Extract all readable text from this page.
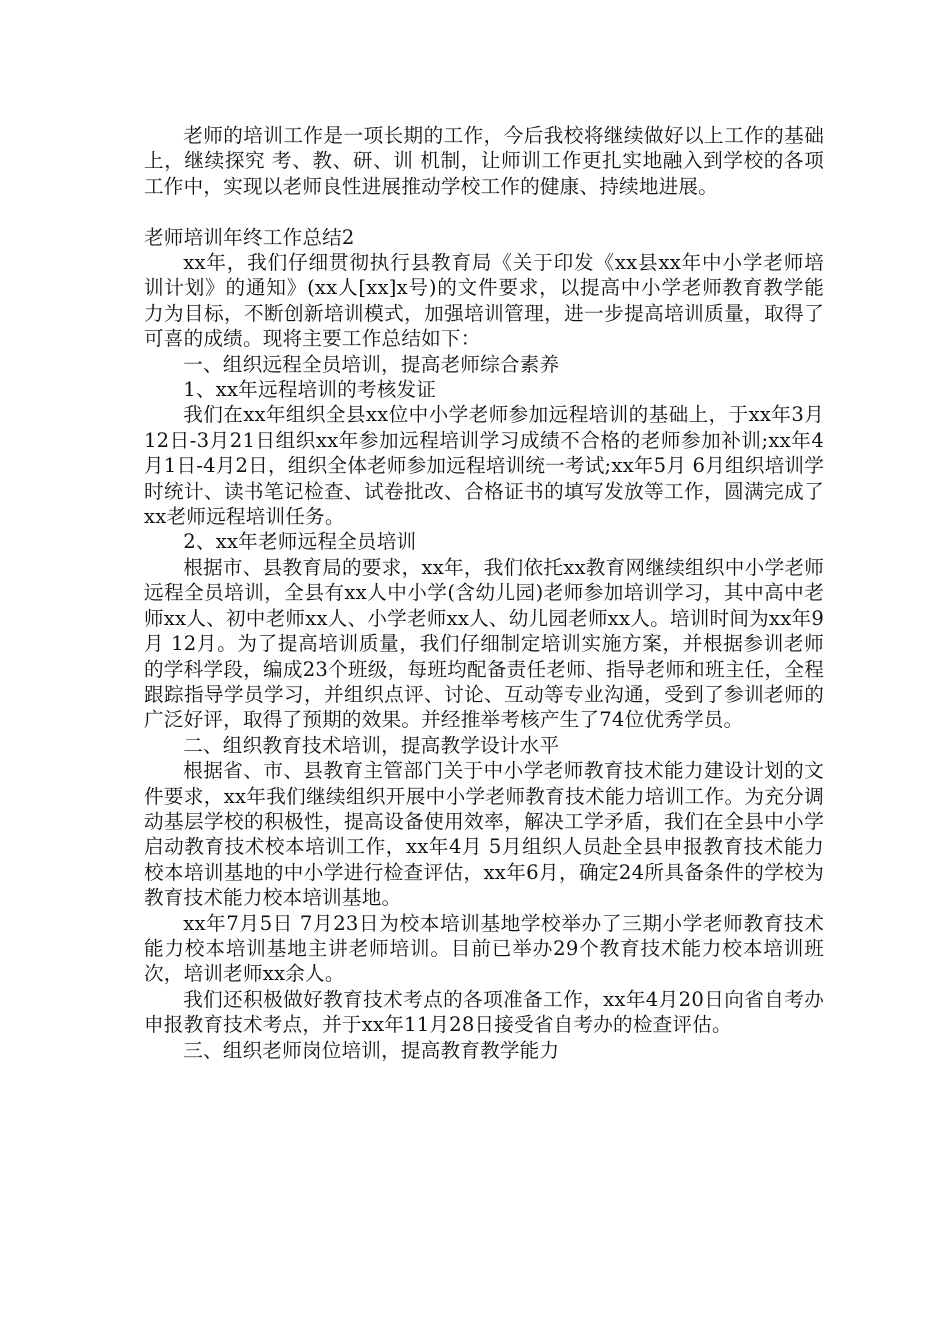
老师的培训工作是一项长期的工作，今后我校将继续做好以上工作的基础上，继续探究 考、教、研、训 机制，让师训工作更扎实地融入到学校的各项工作中，实现以老师良性进展推动学校工作的健康、持续地进展。

老师培训年终工作总结2

xx年，我们仔细贯彻执行县教育局《关于印发《xx县xx年中小学老师培训计划》的通知》(xx人[xx]x号)的文件要求，以提高中小学老师教育教学能力为目标，不断创新培训模式，加强培训管理，进一步提高培训质量，取得了可喜的成绩。现将主要工作总结如下：

一、组织远程全员培训，提高老师综合素养

1、xx年远程培训的考核发证

我们在xx年组织全县xx位中小学老师参加远程培训的基础上，于xx年3月12日-3月21日组织xx年参加远程培训学习成绩不合格的老师参加补训;xx年4月1日-4月2日，组织全体老师参加远程培训统一考试;xx年5月 6月组织培训学时统计、读书笔记检查、试卷批改、合格证书的填写发放等工作，圆满完成了xx老师远程培训任务。

2、xx年老师远程全员培训

根据市、县教育局的要求，xx年，我们依托xx教育网继续组织中小学老师远程全员培训，全县有xx人中小学(含幼儿园)老师参加培训学习，其中高中老师xx人、初中老师xx人、小学老师xx人、幼儿园老师xx人。培训时间为xx年9月 12月。为了提高培训质量，我们仔细制定培训实施方案，并根据参训老师的学科学段，编成23个班级，每班均配备责任老师、指导老师和班主任，全程跟踪指导学员学习，并组织点评、讨论、互动等专业沟通，受到了参训老师的广泛好评，取得了预期的效果。并经推举考核产生了74位优秀学员。

二、组织教育技术培训，提高教学设计水平

根据省、市、县教育主管部门关于中小学老师教育技术能力建设计划的文件要求，xx年我们继续组织开展中小学老师教育技术能力培训工作。为充分调动基层学校的积极性，提高设备使用效率，解决工学矛盾，我们在全县中小学启动教育技术校本培训工作，xx年4月 5月组织人员赴全县申报教育技术能力校本培训基地的中小学进行检查评估，xx年6月，确定24所具备条件的学校为教育技术能力校本培训基地。

xx年7月5日 7月23日为校本培训基地学校举办了三期小学老师教育技术能力校本培训基地主讲老师培训。目前已举办29个教育技术能力校本培训班次，培训老师xx余人。

我们还积极做好教育技术考点的各项准备工作，xx年4月20日向省自考办申报教育技术考点，并于xx年11月28日接受省自考办的检查评估。

三、组织老师岗位培训，提高教育教学能力
